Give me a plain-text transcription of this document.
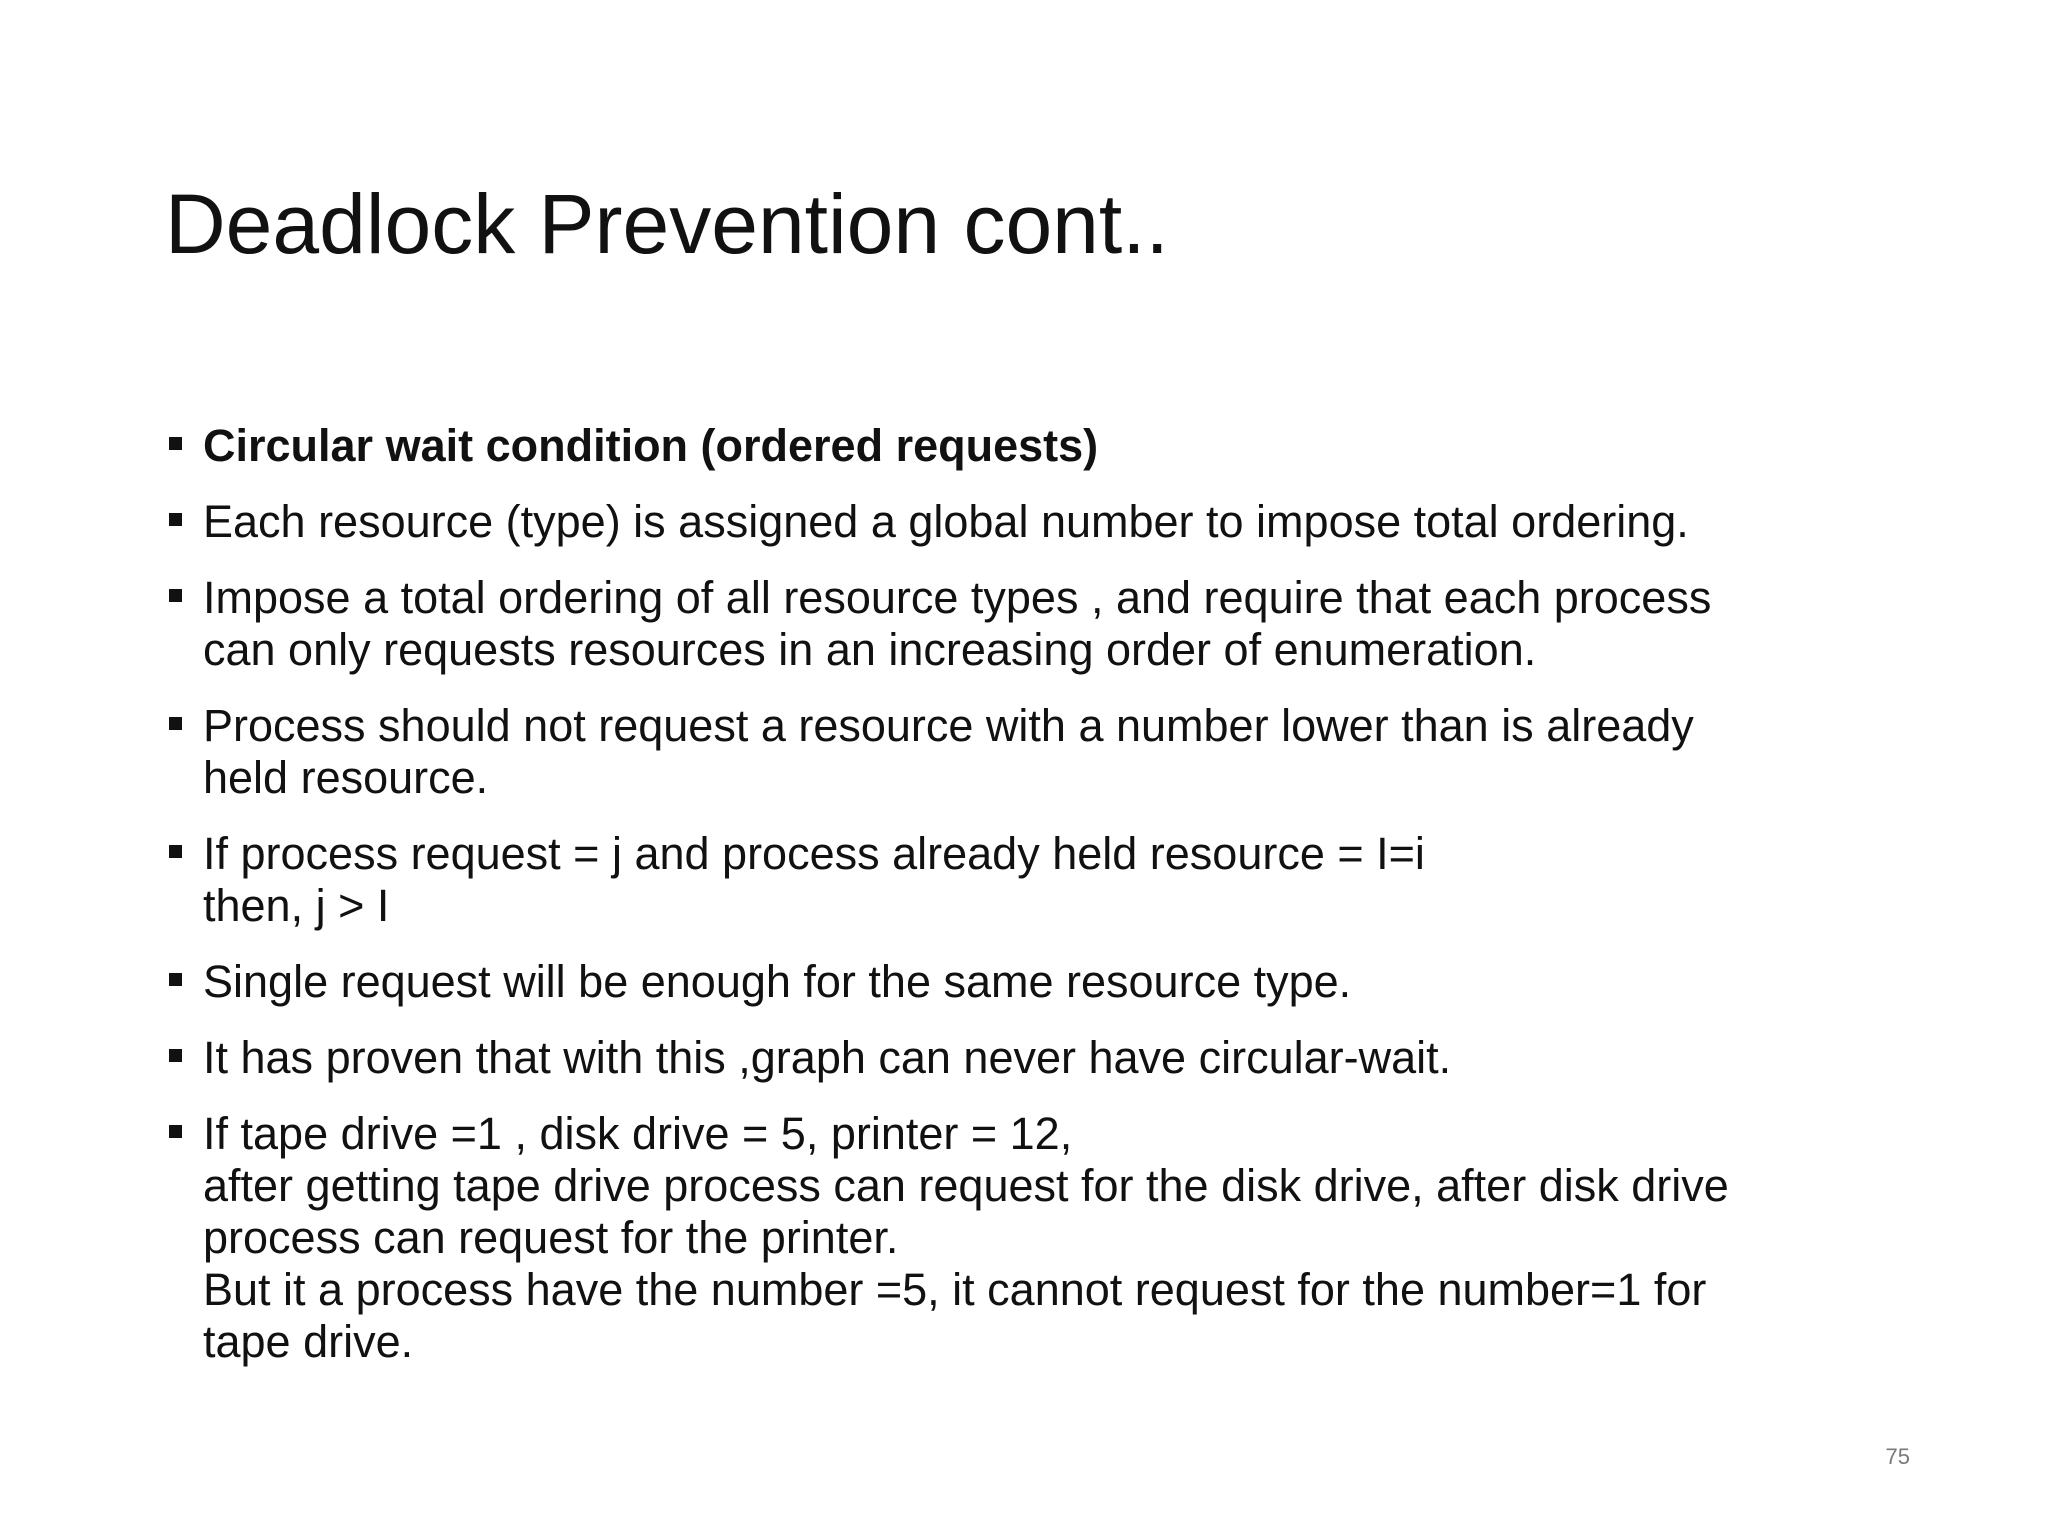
Deadlock Prevention cont..
Circular wait condition (ordered requests)
Each resource (type) is assigned a global number to impose total ordering.
Impose a total ordering of all resource types , and require that each process
can only requests resources in an increasing order of enumeration.
Process should not request a resource with a number lower than is already
held resource.
If process request = j and process already held resource = I=i
then, j > I
Single request will be enough for the same resource type.
It has proven that with this ,graph can never have circular-wait.
If tape drive =1 , disk drive = 5, printer = 12,
after getting tape drive process can request for the disk drive, after disk drive
process can request for the printer.
But it a process have the number =5, it cannot request for the number=1 for
tape drive.
75
